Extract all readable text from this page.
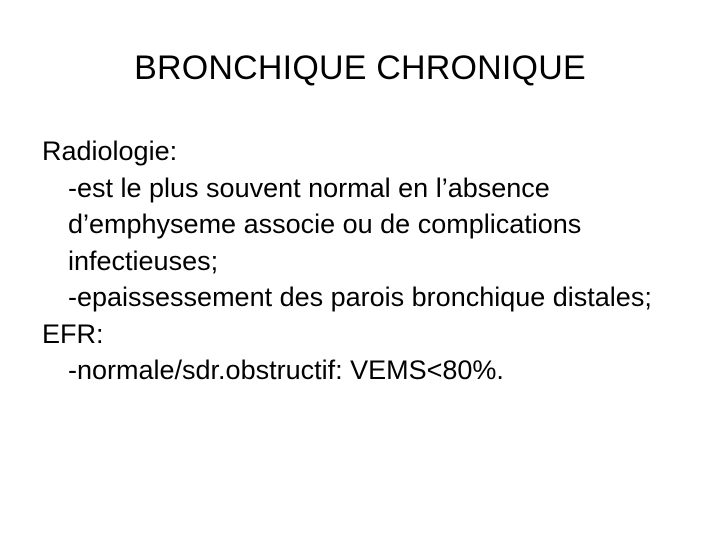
BRONCHIQUE CHRONIQUE
Radiologie:
-est le plus souvent normal en l’absence d’emphyseme associe ou de complications infectieuses;
-epaissessement des parois bronchique distales;
EFR:
-normale/sdr.obstructif: VEMS<80%.
